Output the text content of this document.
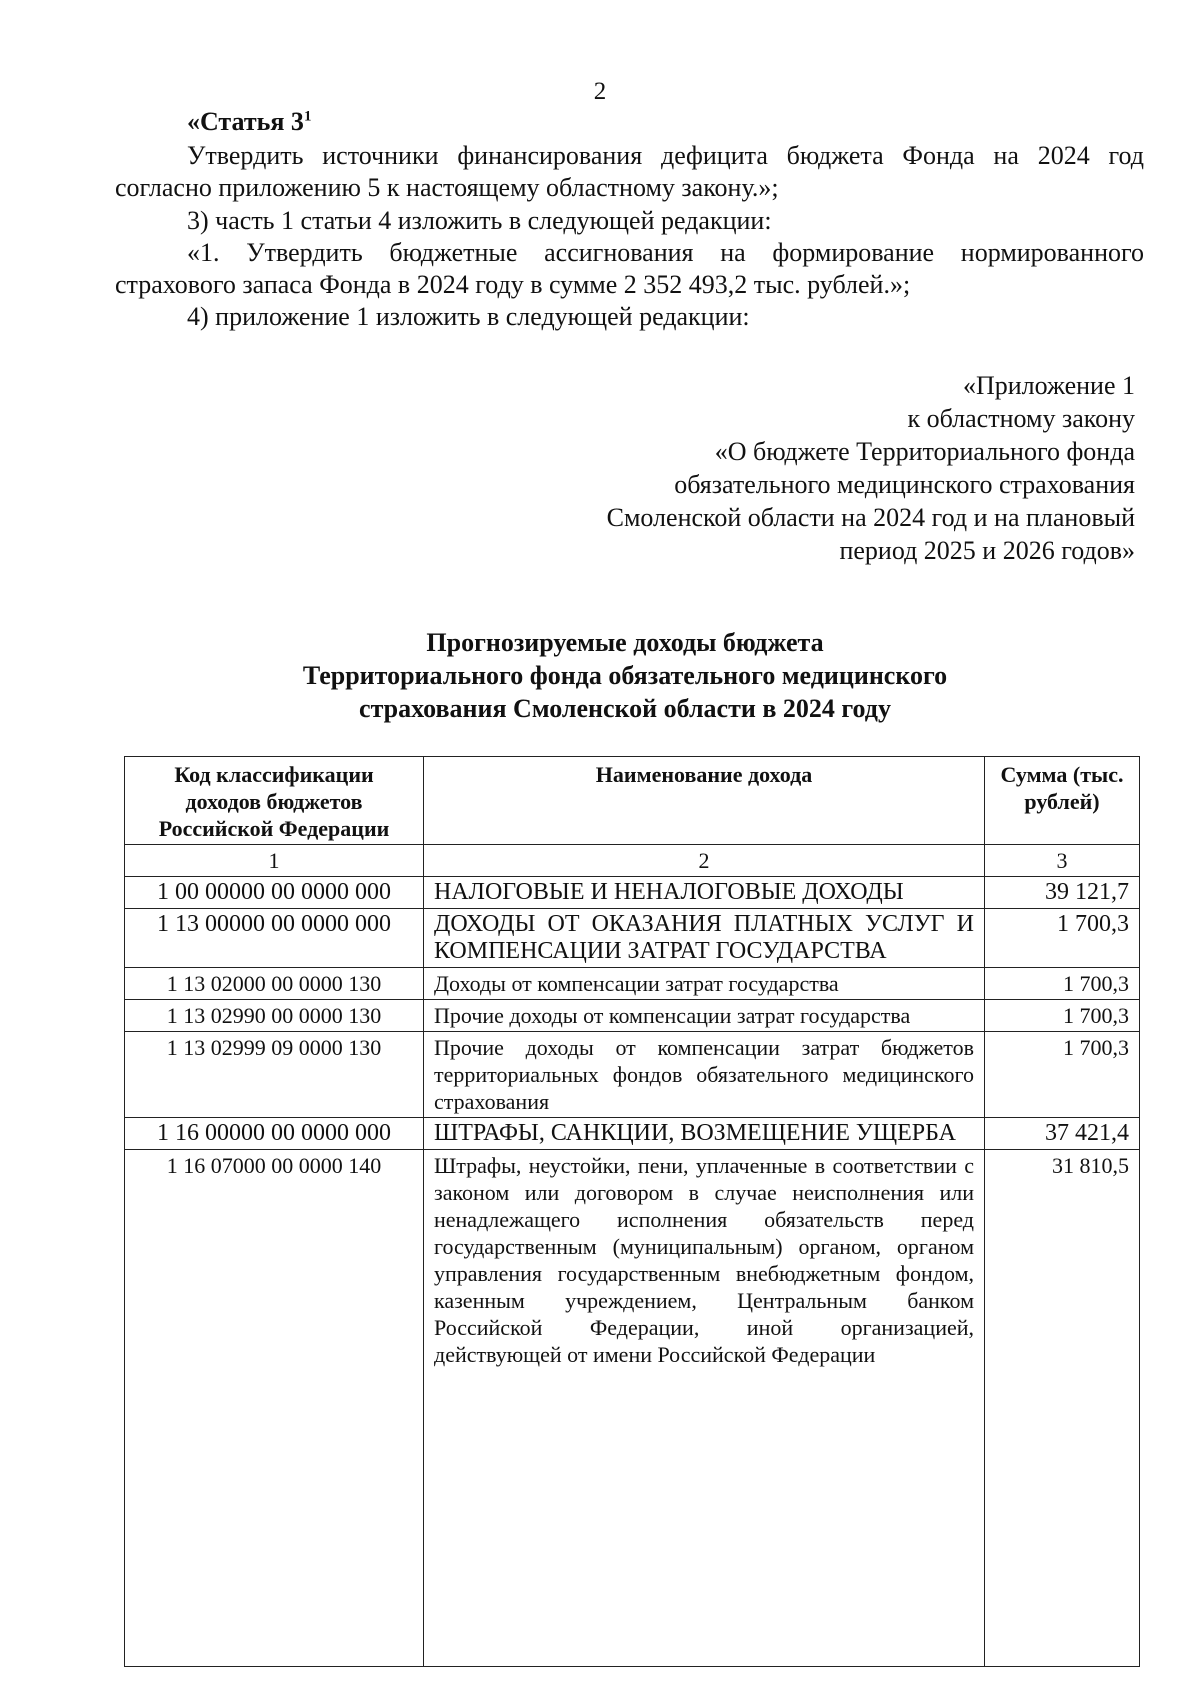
2
«Статья $3^1$

Утвердить источники финансирования дефицита бюджета Фонда на 2024 год согласно приложению 5 к настоящему областному закону.»;

3) часть 1 статьи 4 изложить в следующей редакции:

«1. Утвердить бюджетные ассигнования на формирование нормированного страхового запаса Фонда в 2024 году в сумме 2 352 493,2 тыс. рублей.»;

4) приложение 1 изложить в следующей редакции:

«Приложение 1
к областному закону
«О бюджете Территориального фонда
обязательного медицинского страхования
Смоленской области на 2024 год и на плановый
период 2025 и 2026 годов»
Прогнозируемые доходы бюджета
Территориального фонда обязательного медицинского
страхования Смоленской области в 2024 году
Код классификации доходов бюджетов Российской Федерации	Наименование дохода	Сумма (тыс. рублей)
1	2	3
1 00 00000 00 0000 000	НАЛОГОВЫЕ И НЕНАЛОГОВЫЕ ДОХОДЫ	39 121,7
1 13 00000 00 0000 000	ДОХОДЫ ОТ ОКАЗАНИЯ ПЛАТНЫХ УСЛУГ И КОМПЕНСАЦИИ ЗАТРАТ ГОСУДАРСТВА	1 700,3
1 13 02000 00 0000 130	Доходы от компенсации затрат государства	1 700,3
1 13 02990 00 0000 130	Прочие доходы от компенсации затрат государства	1 700,3
1 13 02999 09 0000 130	Прочие доходы от компенсации затрат бюджетов территориальных фондов обязательного медицинского страхования	1 700,3
1 16 00000 00 0000 000	ШТРАФЫ, САНКЦИИ, ВОЗМЕЩЕНИЕ УЩЕРБА	37 421,4
1 16 07000 00 0000 140	Штрафы, неустойки, пени, уплаченные в соответствии с законом или договором в случае неисполнения или ненадлежащего исполнения обязательств перед государственным (муниципальным) органом, органом управления государственным внебюджетным фондом, казенным учреждением, Центральным банком Российской Федерации, иной организацией, действующей от имени Российской Федерации	31 810,5
